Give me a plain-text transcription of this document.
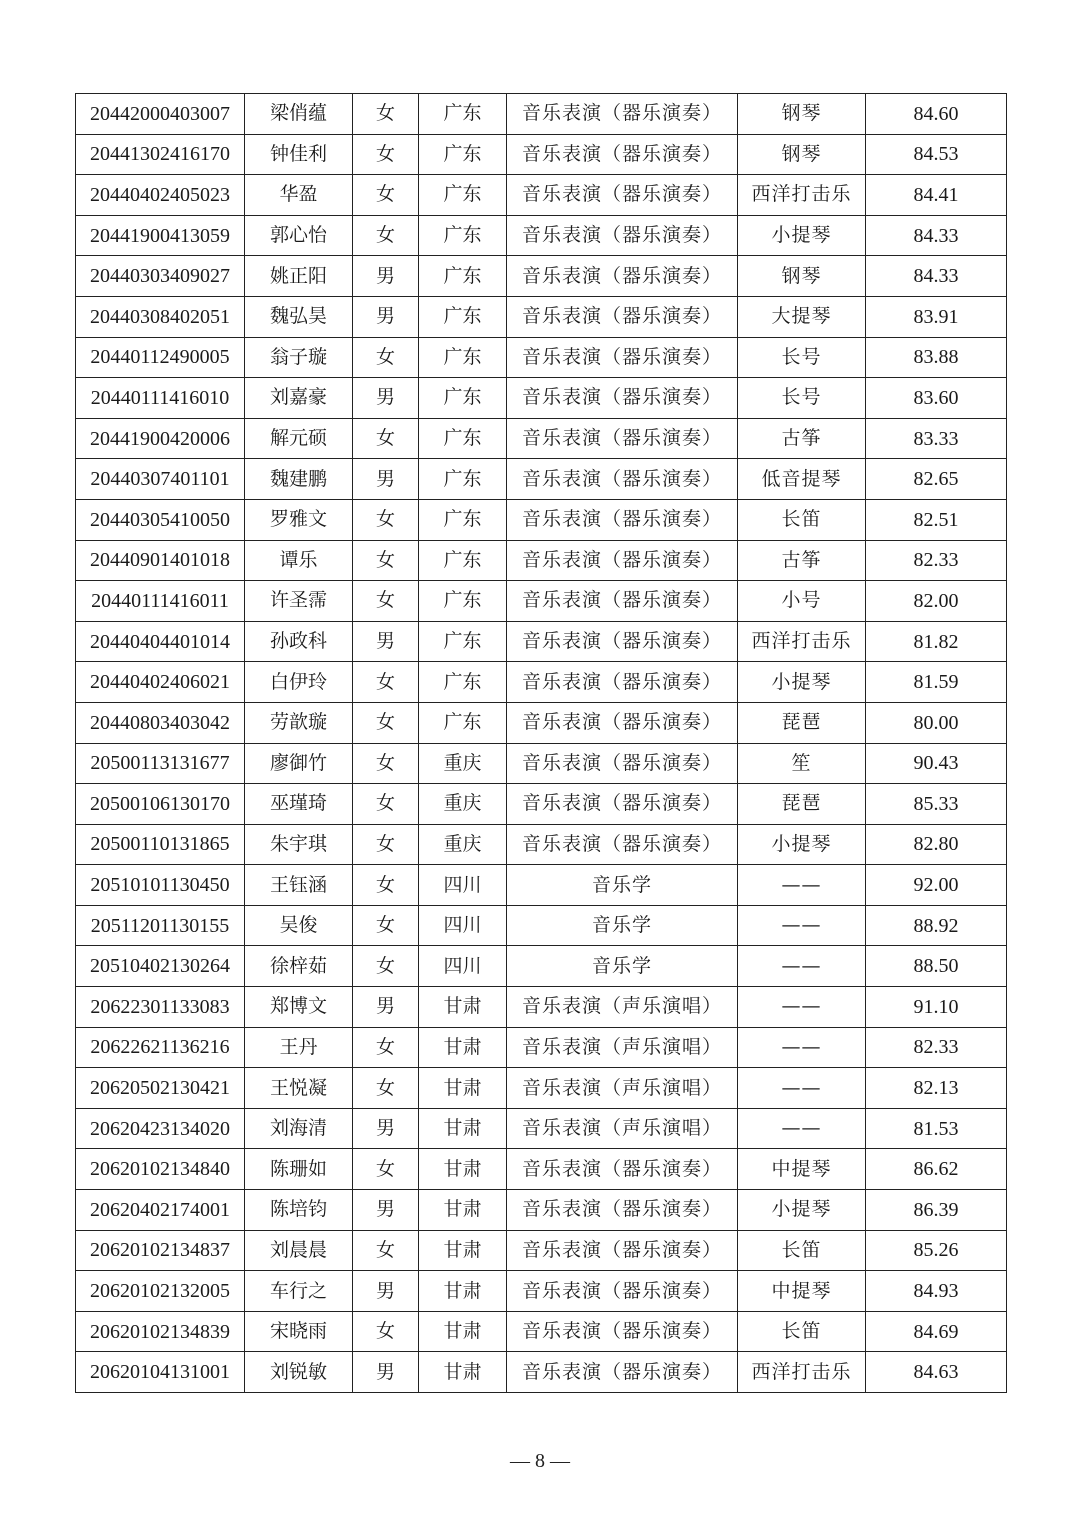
20442000403007	梁俏蕴	女	广东	音乐表演（器乐演奏）	钢琴	84.60
20441302416170	钟佳利	女	广东	音乐表演（器乐演奏）	钢琴	84.53
20440402405023	华盈	女	广东	音乐表演（器乐演奏）	西洋打击乐	84.41
20441900413059	郭心怡	女	广东	音乐表演（器乐演奏）	小提琴	84.33
20440303409027	姚正阳	男	广东	音乐表演（器乐演奏）	钢琴	84.33
20440308402051	魏弘昊	男	广东	音乐表演（器乐演奏）	大提琴	83.91
20440112490005	翁子璇	女	广东	音乐表演（器乐演奏）	长号	83.88
20440111416010	刘嘉豪	男	广东	音乐表演（器乐演奏）	长号	83.60
20441900420006	解元硕	女	广东	音乐表演（器乐演奏）	古筝	83.33
20440307401101	魏建鹏	男	广东	音乐表演（器乐演奏）	低音提琴	82.65
20440305410050	罗雅文	女	广东	音乐表演（器乐演奏）	长笛	82.51
20440901401018	谭乐	女	广东	音乐表演（器乐演奏）	古筝	82.33
20440111416011	许圣霈	女	广东	音乐表演（器乐演奏）	小号	82.00
20440404401014	孙政科	男	广东	音乐表演（器乐演奏）	西洋打击乐	81.82
20440402406021	白伊玲	女	广东	音乐表演（器乐演奏）	小提琴	81.59
20440803403042	劳歆璇	女	广东	音乐表演（器乐演奏）	琵琶	80.00
20500113131677	廖御竹	女	重庆	音乐表演（器乐演奏）	笙	90.43
20500106130170	巫瑾琦	女	重庆	音乐表演（器乐演奏）	琵琶	85.33
20500110131865	朱宇琪	女	重庆	音乐表演（器乐演奏）	小提琴	82.80
20510101130450	王钰涵	女	四川	音乐学	——	92.00
20511201130155	吴俊	女	四川	音乐学	——	88.92
20510402130264	徐梓茹	女	四川	音乐学	——	88.50
20622301133083	郑博文	男	甘肃	音乐表演（声乐演唱）	——	91.10
20622621136216	王丹	女	甘肃	音乐表演（声乐演唱）	——	82.33
20620502130421	王悦凝	女	甘肃	音乐表演（声乐演唱）	——	82.13
20620423134020	刘海清	男	甘肃	音乐表演（声乐演唱）	——	81.53
20620102134840	陈珊如	女	甘肃	音乐表演（器乐演奏）	中提琴	86.62
20620402174001	陈培钧	男	甘肃	音乐表演（器乐演奏）	小提琴	86.39
20620102134837	刘晨晨	女	甘肃	音乐表演（器乐演奏）	长笛	85.26
20620102132005	车行之	男	甘肃	音乐表演（器乐演奏）	中提琴	84.93
20620102134839	宋晓雨	女	甘肃	音乐表演（器乐演奏）	长笛	84.69
20620104131001	刘锐敏	男	甘肃	音乐表演（器乐演奏）	西洋打击乐	84.63
— 8 —
